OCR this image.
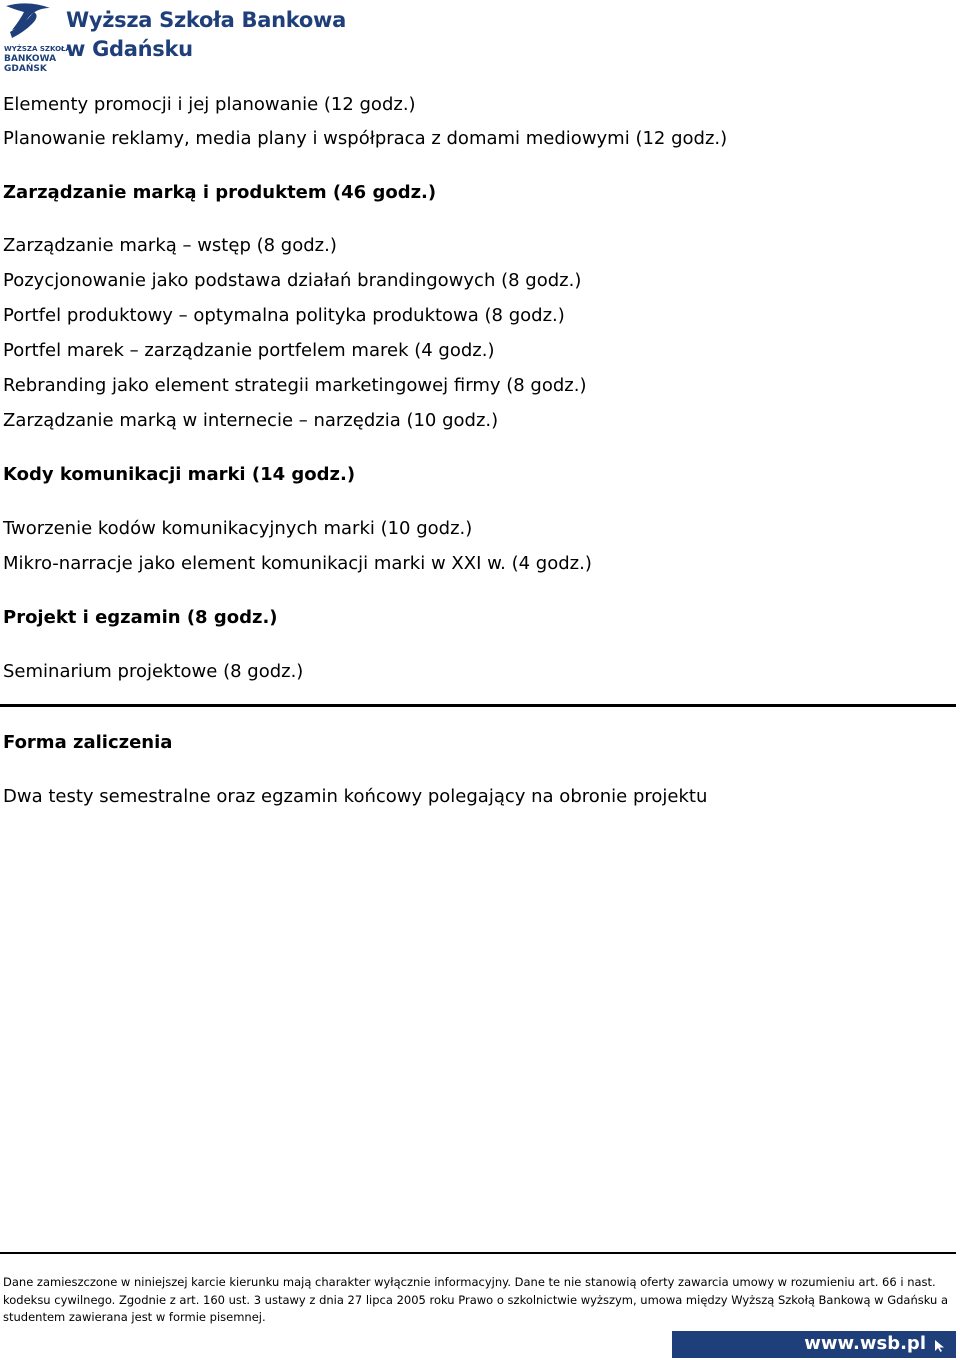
WYŻSZA SZKOŁA
BANKOWA
GDAŃSK
Wyższa Szkoła Bankowa
w Gdańsku
Elementy promocji i jej planowanie (12 godz.)
Planowanie reklamy, media plany i współpraca z domami mediowymi (12 godz.)
Zarządzanie marką i produktem (46 godz.)
Zarządzanie marką – wstęp (8 godz.)
Pozycjonowanie jako podstawa działań brandingowych (8 godz.)
Portfel produktowy – optymalna polityka produktowa (8 godz.)
Portfel marek – zarządzanie portfelem marek (4 godz.)
Rebranding jako element strategii marketingowej firmy (8 godz.)
Zarządzanie marką w internecie – narzędzia (10 godz.)
Kody komunikacji marki (14 godz.)
Tworzenie kodów komunikacyjnych marki (10 godz.)
Mikro-narracje jako element komunikacji marki w XXI w. (4 godz.)
Projekt i egzamin (8 godz.)
Seminarium projektowe (8 godz.)
Forma zaliczenia
Dwa testy semestralne oraz egzamin końcowy polegający na obronie projektu
Dane zamieszczone w niniejszej karcie kierunku mają charakter wyłącznie informacyjny. Dane te nie stanowią oferty zawarcia umowy w rozumieniu art. 66 i nast.
kodeksu cywilnego. Zgodnie z art. 160 ust. 3 ustawy z dnia 27 lipca 2005 roku Prawo o szkolnictwie wyższym, umowa między Wyższą Szkołą Bankową w Gdańsku a
studentem zawierana jest w formie pisemnej.
www.wsb.pl
